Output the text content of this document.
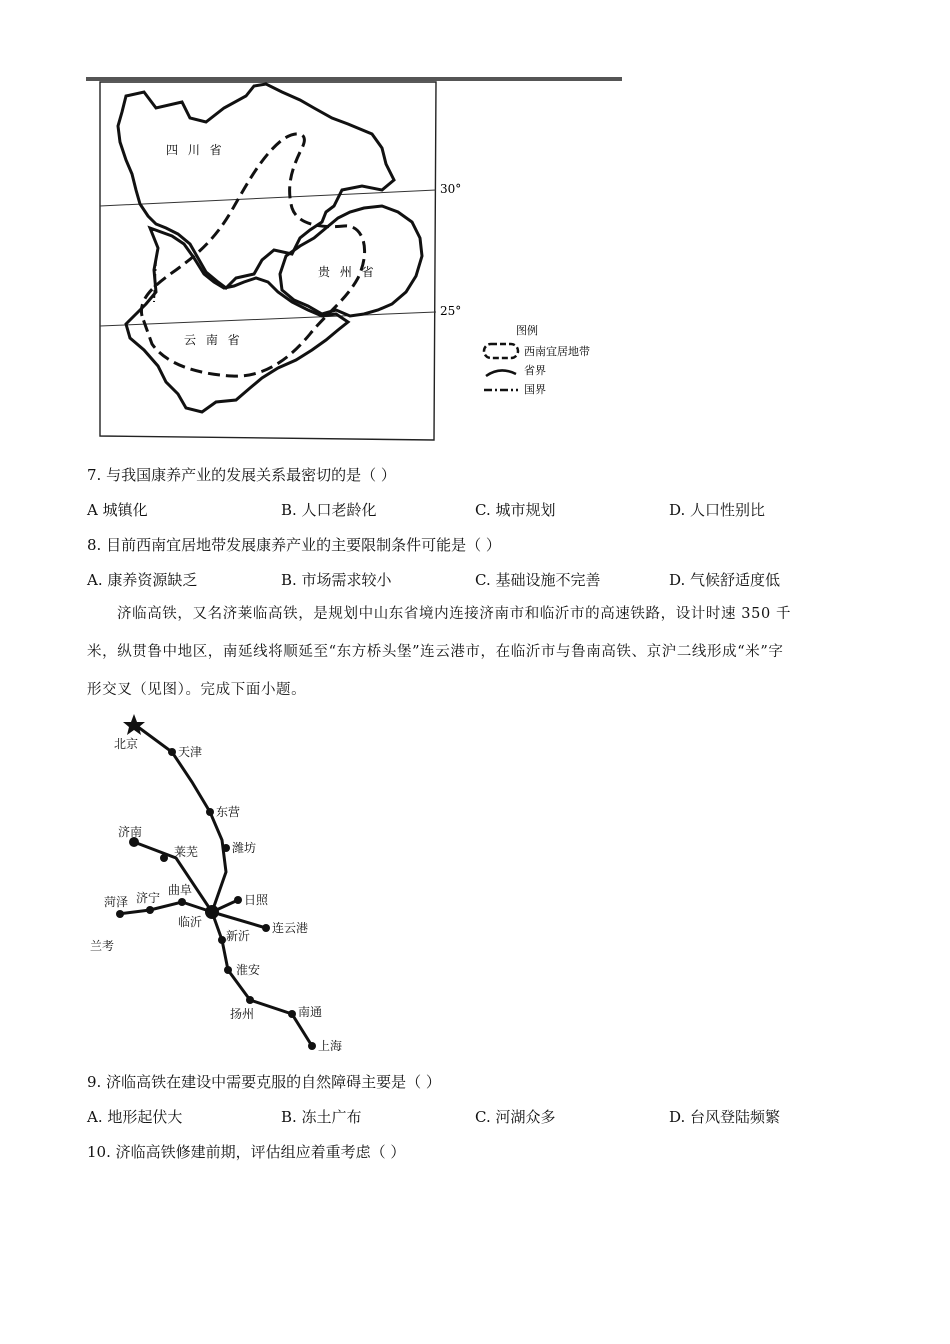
30°
25°
四 川 省
贵 州 省
云 南 省
图例
西南宜居地带
省界
国界
7. 与我国康养产业的发展关系最密切的是（ ）
A 城镇化	B. 人口老龄化	C. 城市规划	D. 人口性别比
8. 目前西南宜居地带发展康养产业的主要限制条件可能是（ ）
A. 康养资源缺乏	B. 市场需求较小	C. 基础设施不完善	D. 气候舒适度低
济临高铁，又名济莱临高铁，是规划中山东省境内连接济南市和临沂市的高速铁路，设计时速 350 千
米，纵贯鲁中地区，南延线将顺延至“东方桥头堡”连云港市，在临沂市与鲁南高铁、京沪二线形成“米”字
形交叉（见图）。完成下面小题。
北京
天津
东营
济南
莱芜	潍坊
菏泽 济宁
曲阜
日照
临沂
兰考
新沂
连云港
淮安
扬州	南通
上海
9. 济临高铁在建设中需要克服的自然障碍主要是（ ）
A. 地形起伏大	B. 冻土广布	C. 河湖众多	D. 台风登陆频繁
10. 济临高铁修建前期，评估组应着重考虑（ ）
